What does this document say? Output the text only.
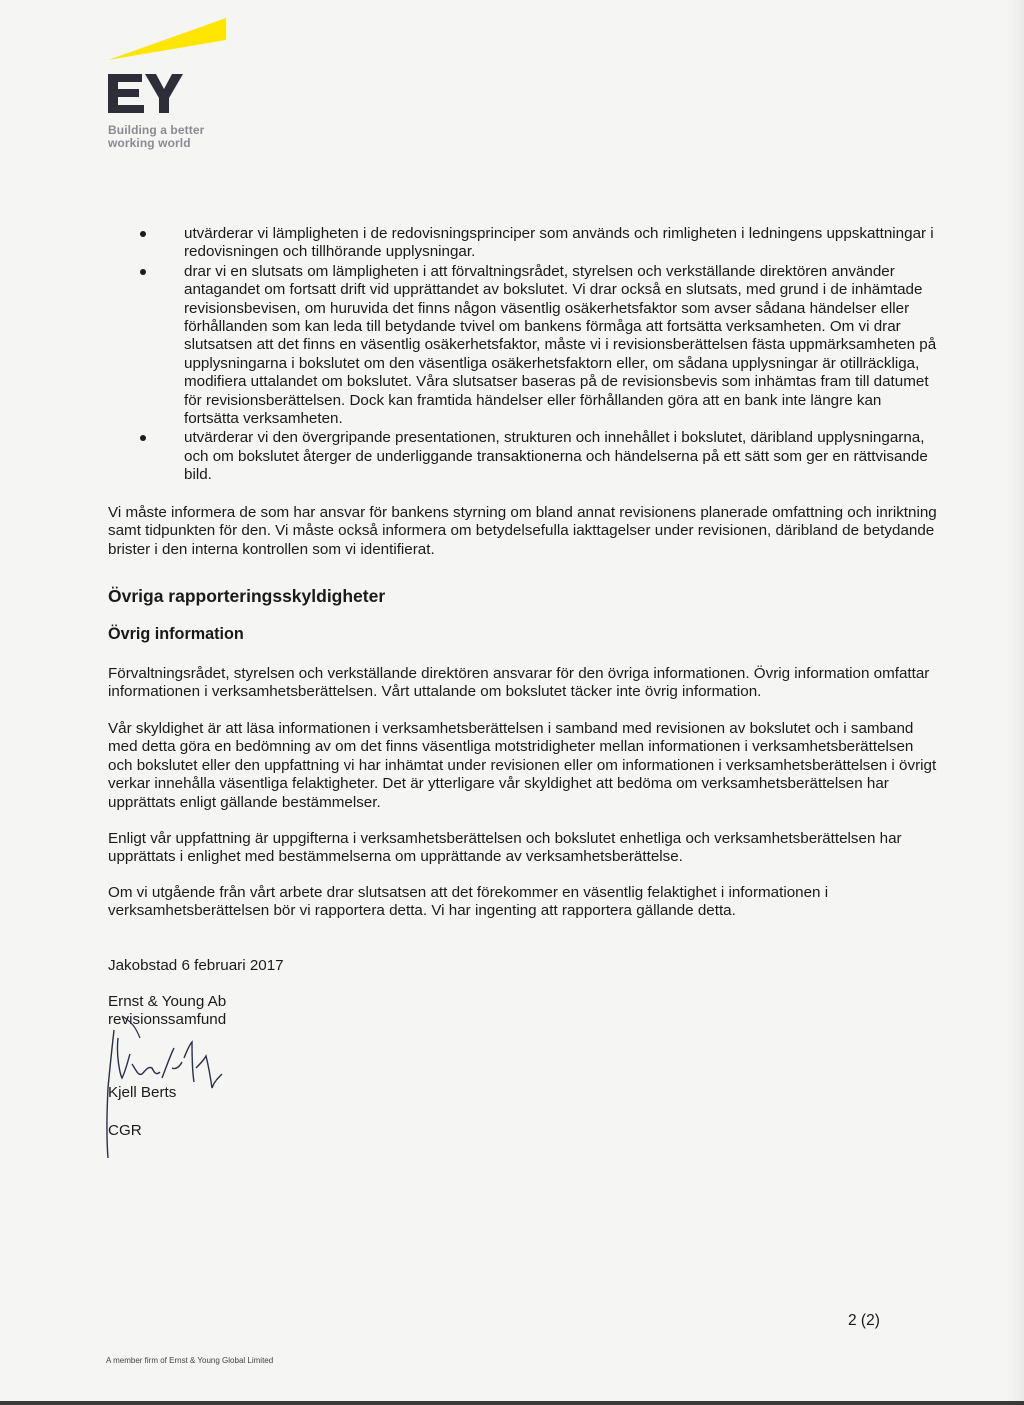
Building a better
working world
utvärderar vi lämpligheten i de redovisningsprinciper som används och rimligheten i ledningens uppskattningar i redovisningen och tillhörande upplysningar.
drar vi en slutsats om lämpligheten i att förvaltningsrådet, styrelsen och verkställande direktören använder antagandet om fortsatt drift vid upprättandet av bokslutet. Vi drar också en slutsats, med grund i de inhämtade revisionsbevisen, om huruvida det finns någon väsentlig osäkerhetsfaktor som avser sådana händelser eller förhållanden som kan leda till betydande tvivel om bankens förmåga att fortsätta verksamheten. Om vi drar slutsatsen att det finns en väsentlig osäkerhetsfaktor, måste vi i revisionsberättelsen fästa uppmärksamheten på upplysningarna i bokslutet om den väsentliga osäkerhetsfaktorn eller, om sådana upplysningar är otillräckliga, modifiera uttalandet om bokslutet. Våra slutsatser baseras på de revisionsbevis som inhämtas fram till datumet för revisionsberättelsen. Dock kan framtida händelser eller förhållanden göra att en bank inte längre kan fortsätta verksamheten.
utvärderar vi den övergripande presentationen, strukturen och innehållet i bokslutet, däribland upplysningarna, och om bokslutet återger de underliggande transaktionerna och händelserna på ett sätt som ger en rättvisande bild.
Vi måste informera de som har ansvar för bankens styrning om bland annat revisionens planerade omfattning och inriktning samt tidpunkten för den. Vi måste också informera om betydelsefulla iakttagelser under revisionen, däribland de betydande brister i den interna kontrollen som vi identifierat.
Övriga rapporteringsskyldigheter
Övrig information
Förvaltningsrådet, styrelsen och verkställande direktören ansvarar för den övriga informationen. Övrig information omfattar informationen i verksamhetsberättelsen. Vårt uttalande om bokslutet täcker inte övrig information.
Vår skyldighet är att läsa informationen i verksamhetsberättelsen i samband med revisionen av bokslutet och i samband med detta göra en bedömning av om det finns väsentliga motstridigheter mellan informationen i verksamhetsberättelsen och bokslutet eller den uppfattning vi har inhämtat under revisionen eller om informationen i verksamhetsberättelsen i övrigt verkar innehålla väsentliga felaktigheter. Det är ytterligare vår skyldighet att bedöma om verksamhetsberättelsen har upprättats enligt gällande bestämmelser.
Enligt vår uppfattning är uppgifterna i verksamhetsberättelsen och bokslutet enhetliga och verksamhetsberättelsen har upprättats i enlighet med bestämmelserna om upprättande av verksamhetsberättelse.
Om vi utgående från vårt arbete drar slutsatsen att det förekommer en väsentlig felaktighet i informationen i verksamhetsberättelsen bör vi rapportera detta. Vi har ingenting att rapportera gällande detta.
Jakobstad 6 februari 2017
Ernst & Young Ab
revisionssamfund
Kjell Berts
CGR
2 (2)
A member firm of Ernst & Young Global Limited
